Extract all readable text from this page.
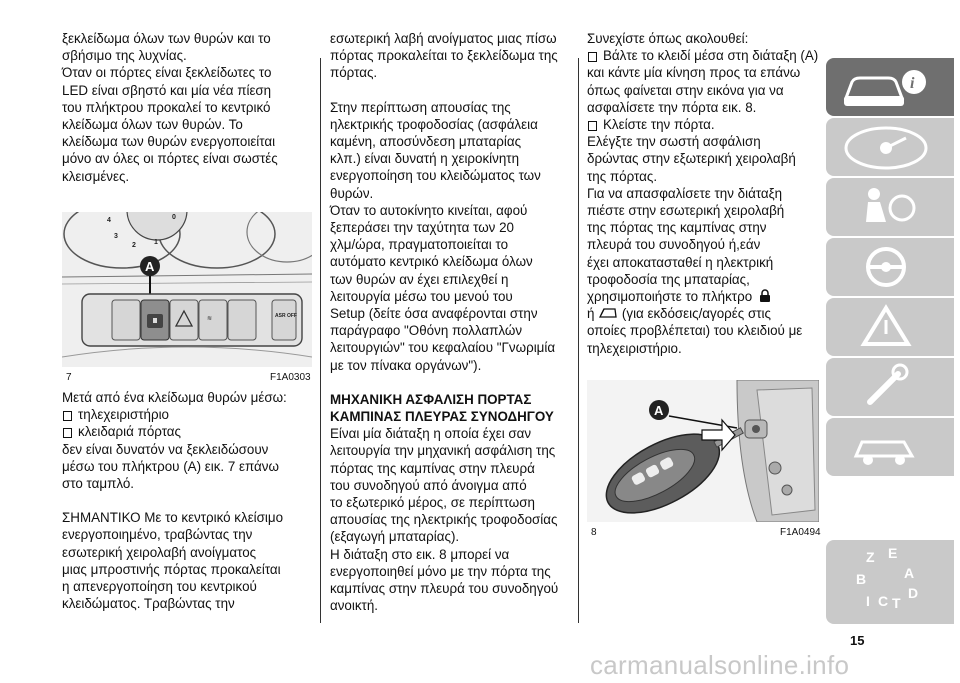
ξεκλείδωμα όλων των θυρών και το
σβήσιμο της λυχνίας.

Όταν οι πόρτες είναι ξεκλείδωτες το
LED είναι σβηστό και μία νέα πίεση
του πλήκτρου προκαλεί το κεντρικό
κλείδωμα όλων των θυρών. Το
κλείδωμα των θυρών ενεργοποιείται
μόνο αν όλες οι πόρτες είναι σωστές
κλεισμένες.

4
3
2	1
0
A
≋	ASR OFF
7	F1A0303

Μετά από ένα κλείδωμα θυρών μέσω:

τηλεχειριστήριο
κλειδαριά πόρτας

δεν είναι δυνατόν να ξεκλειδώσουν
μέσω του πλήκτρου (A) εικ. 7 επάνω
στο ταμπλό.

ΣΗΜΑΝΤΙΚΟ Με το κεντρικό κλείσιμο
ενεργοποιημένο, τραβώντας την
εσωτερική χειρολαβή ανοίγματος
μιας μπροστινής πόρτας προκαλείται
η απενεργοποίηση του κεντρικού
κλειδώματος. Τραβώντας την

εσωτερική λαβή ανοίγματος μιας πίσω
πόρτας προκαλείται το ξεκλείδωμα της
πόρτας.

Στην περίπτωση απουσίας της
ηλεκτρικής τροφοδοσίας (ασφάλεια
καμένη, αποσύνδεση μπαταρίας
κλπ.) είναι δυνατή η χειροκίνητη
ενεργοποίηση του κλειδώματος των
θυρών.

Όταν το αυτοκίνητο κινείται, αφού
ξεπεράσει την ταχύτητα των 20
χλμ/ώρα, πραγματοποιείται το
αυτόματο κεντρικό κλείδωμα όλων
των θυρών αν έχει επιλεχθεί η
λειτουργία μέσω του μενού του
Setup (δείτε όσα αναφέρονται στην
παράγραφο "Οθόνη πολλαπλών
λειτουργιών" του κεφαλαίου "Γνωριμία
με τον πίνακα οργάνων").

ΜΗΧΑΝΙΚΗ ΑΣΦΑΛΙΣΗ ΠΟΡΤΑΣ
ΚΑΜΠΙΝΑΣ ΠΛΕΥΡΑΣ ΣΥΝΟΔΗΓΟΥ

Είναι μία διάταξη η οποία έχει σαν
λειτουργία την μηχανική ασφάλιση της
πόρτας της καμπίνας στην πλευρά
του συνοδηγού από άνοιγμα από
το εξωτερικό μέρος, σε περίπτωση
απουσίας της ηλεκτρικής τροφοδοσίας
(εξαγωγή μπαταρίας).

Η διάταξη στο εικ. 8 μπορεί να
ενεργοποιηθεί μόνο με την πόρτα της
καμπίνας στην πλευρά του συνοδηγού
ανοικτή.

Συνεχίστε όπως ακολουθεί:

Βάλτε το κλειδί μέσα στη διάταξη (A)

και κάντε μία κίνηση προς τα επάνω
όπως φαίνεται στην εικόνα για να
ασφαλίσετε την πόρτα εικ. 8.

Κλείστε την πόρτα.

Ελέγξτε την σωστή ασφάλιση
δρώντας στην εξωτερική χειρολαβή
της πόρτας.

Για να απασφαλίσετε την διάταξη
πιέστε στην εσωτερική χειρολαβή
της πόρτας της καμπίνας στην
πλευρά του συνοδηγού ή,εάν
έχει αποκατασταθεί η ηλεκτρική
τροφοδοσία της μπαταρίας,
χρησιμοποιήστε το πλήκτρο
ή (για εκδόσεις/αγορές στις
οποίες προβλέπεται) του κλειδιού με
τηλεχειριστήριο.

A
8	F1A0494
i
Z E
A
B
D
I C T
15
carmanualsonline.info
